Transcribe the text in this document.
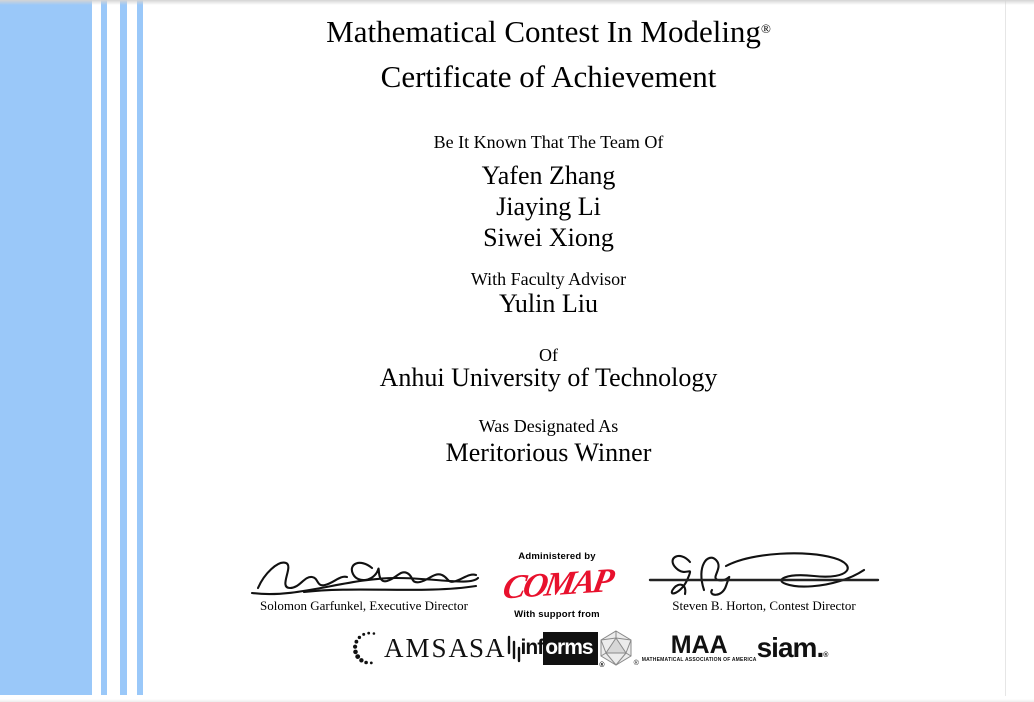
Mathematical Contest In Modeling®
Certificate of Achievement
Be It Known That The Team Of
Yafen Zhang
Jiaying Li
Siwei Xiong
With Faculty Advisor
Yulin Liu
Of
Anhui University of Technology
Was Designated As
Meritorious Winner
Solomon Garfunkel, Executive Director
Administered by
COMAP
With support from
Steven B. Horton, Contest Director
AMS ASA inf orms
®	®
MAA
MATHEMATICAL ASSOCIATION OF AMERICA siam . ®
